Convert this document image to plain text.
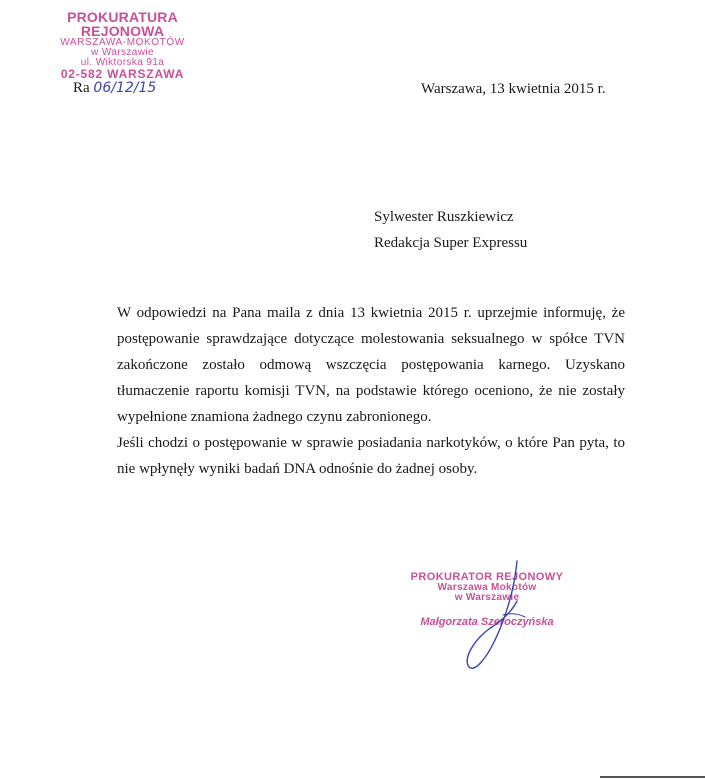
PROKURATURA REJONOWA
WARSZAWA-MOKOTÓW
w Warszawie
ul. Wiktorska 91a
02-582 WARSZAWA
Ra 06/12/15	Warszawa, 13 kwietnia 2015 r.
Sylwester Ruszkiewicz
Redakcja Super Expressu

W odpowiedzi na Pana maila z dnia 13 kwietnia 2015 r. uprzejmie informuję, że postępowanie sprawdzające dotyczące molestowania seksualnego w spółce TVN zakończone zostało odmową wszczęcia postępowania karnego. Uzyskano tłumaczenie raportu komisji TVN, na podstawie którego oceniono, że nie zostały wypełnione znamiona żadnego czynu zabronionego.

Jeśli chodzi o postępowanie w sprawie posiadania narkotyków, o które Pan pyta, to nie wpłynęły wyniki badań DNA odnośnie do żadnej osoby.

PROKURATOR REJONOWY
Warszawa Mokotów
w Warszawie
Małgorzata Szeroczyńska
